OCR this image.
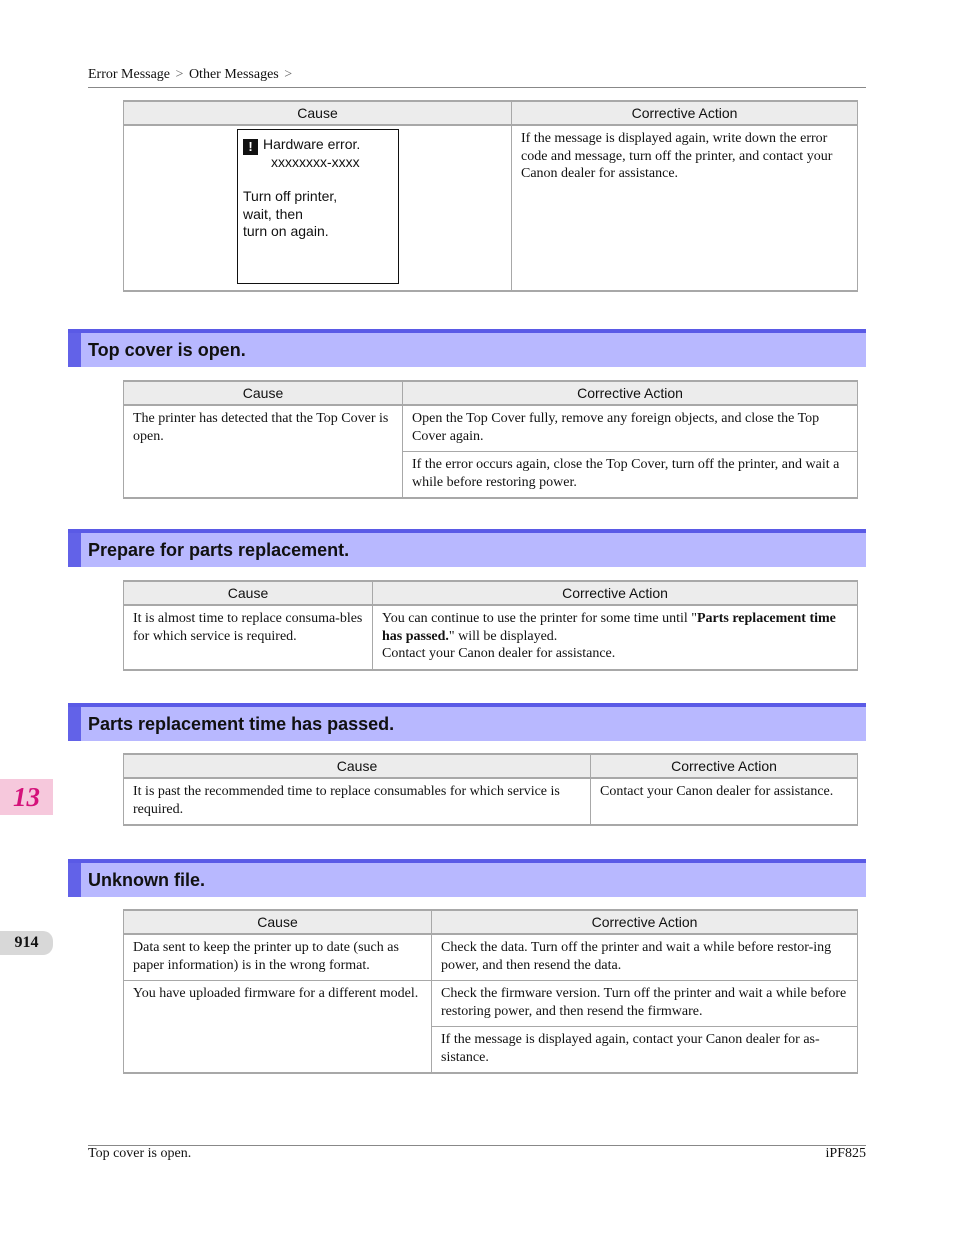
Error Message > Other Messages >
Cause	Corrective Action

! Hardware error.
xxxxxxxx-xxxx
Turn off printer,
wait, then
turn on again.	If the message is displayed again, write down the error code and message, turn off the printer, and contact your Canon dealer for assistance.
Top cover is open.
Cause	Corrective Action
The printer has detected that the Top Cover is open.	Open the Top Cover fully, remove any foreign objects, and close the Top Cover again.
	If the error occurs again, close the Top Cover, turn off the printer, and wait a while before restoring power.
Prepare for parts replacement.
Cause	Corrective Action
It is almost time to replace consuma-bles for which service is required.	You can continue to use the printer for some time until "Parts replacement time has passed." will be displayed.
Contact your Canon dealer for assistance.
Parts replacement time has passed.
Cause	Corrective Action
It is past the recommended time to replace consumables for which service is required.	Contact your Canon dealer for assistance.
Unknown file.
Cause	Corrective Action
Data sent to keep the printer up to date (such as paper information) is in the wrong format.	Check the data. Turn off the printer and wait a while before restor-ing power, and then resend the data.
You have uploaded firmware for a different model.	Check the firmware version. Turn off the printer and wait a while before restoring power, and then resend the firmware.
	If the message is displayed again, contact your Canon dealer for as-sistance.
13
914
Top cover is open.	iPF825
